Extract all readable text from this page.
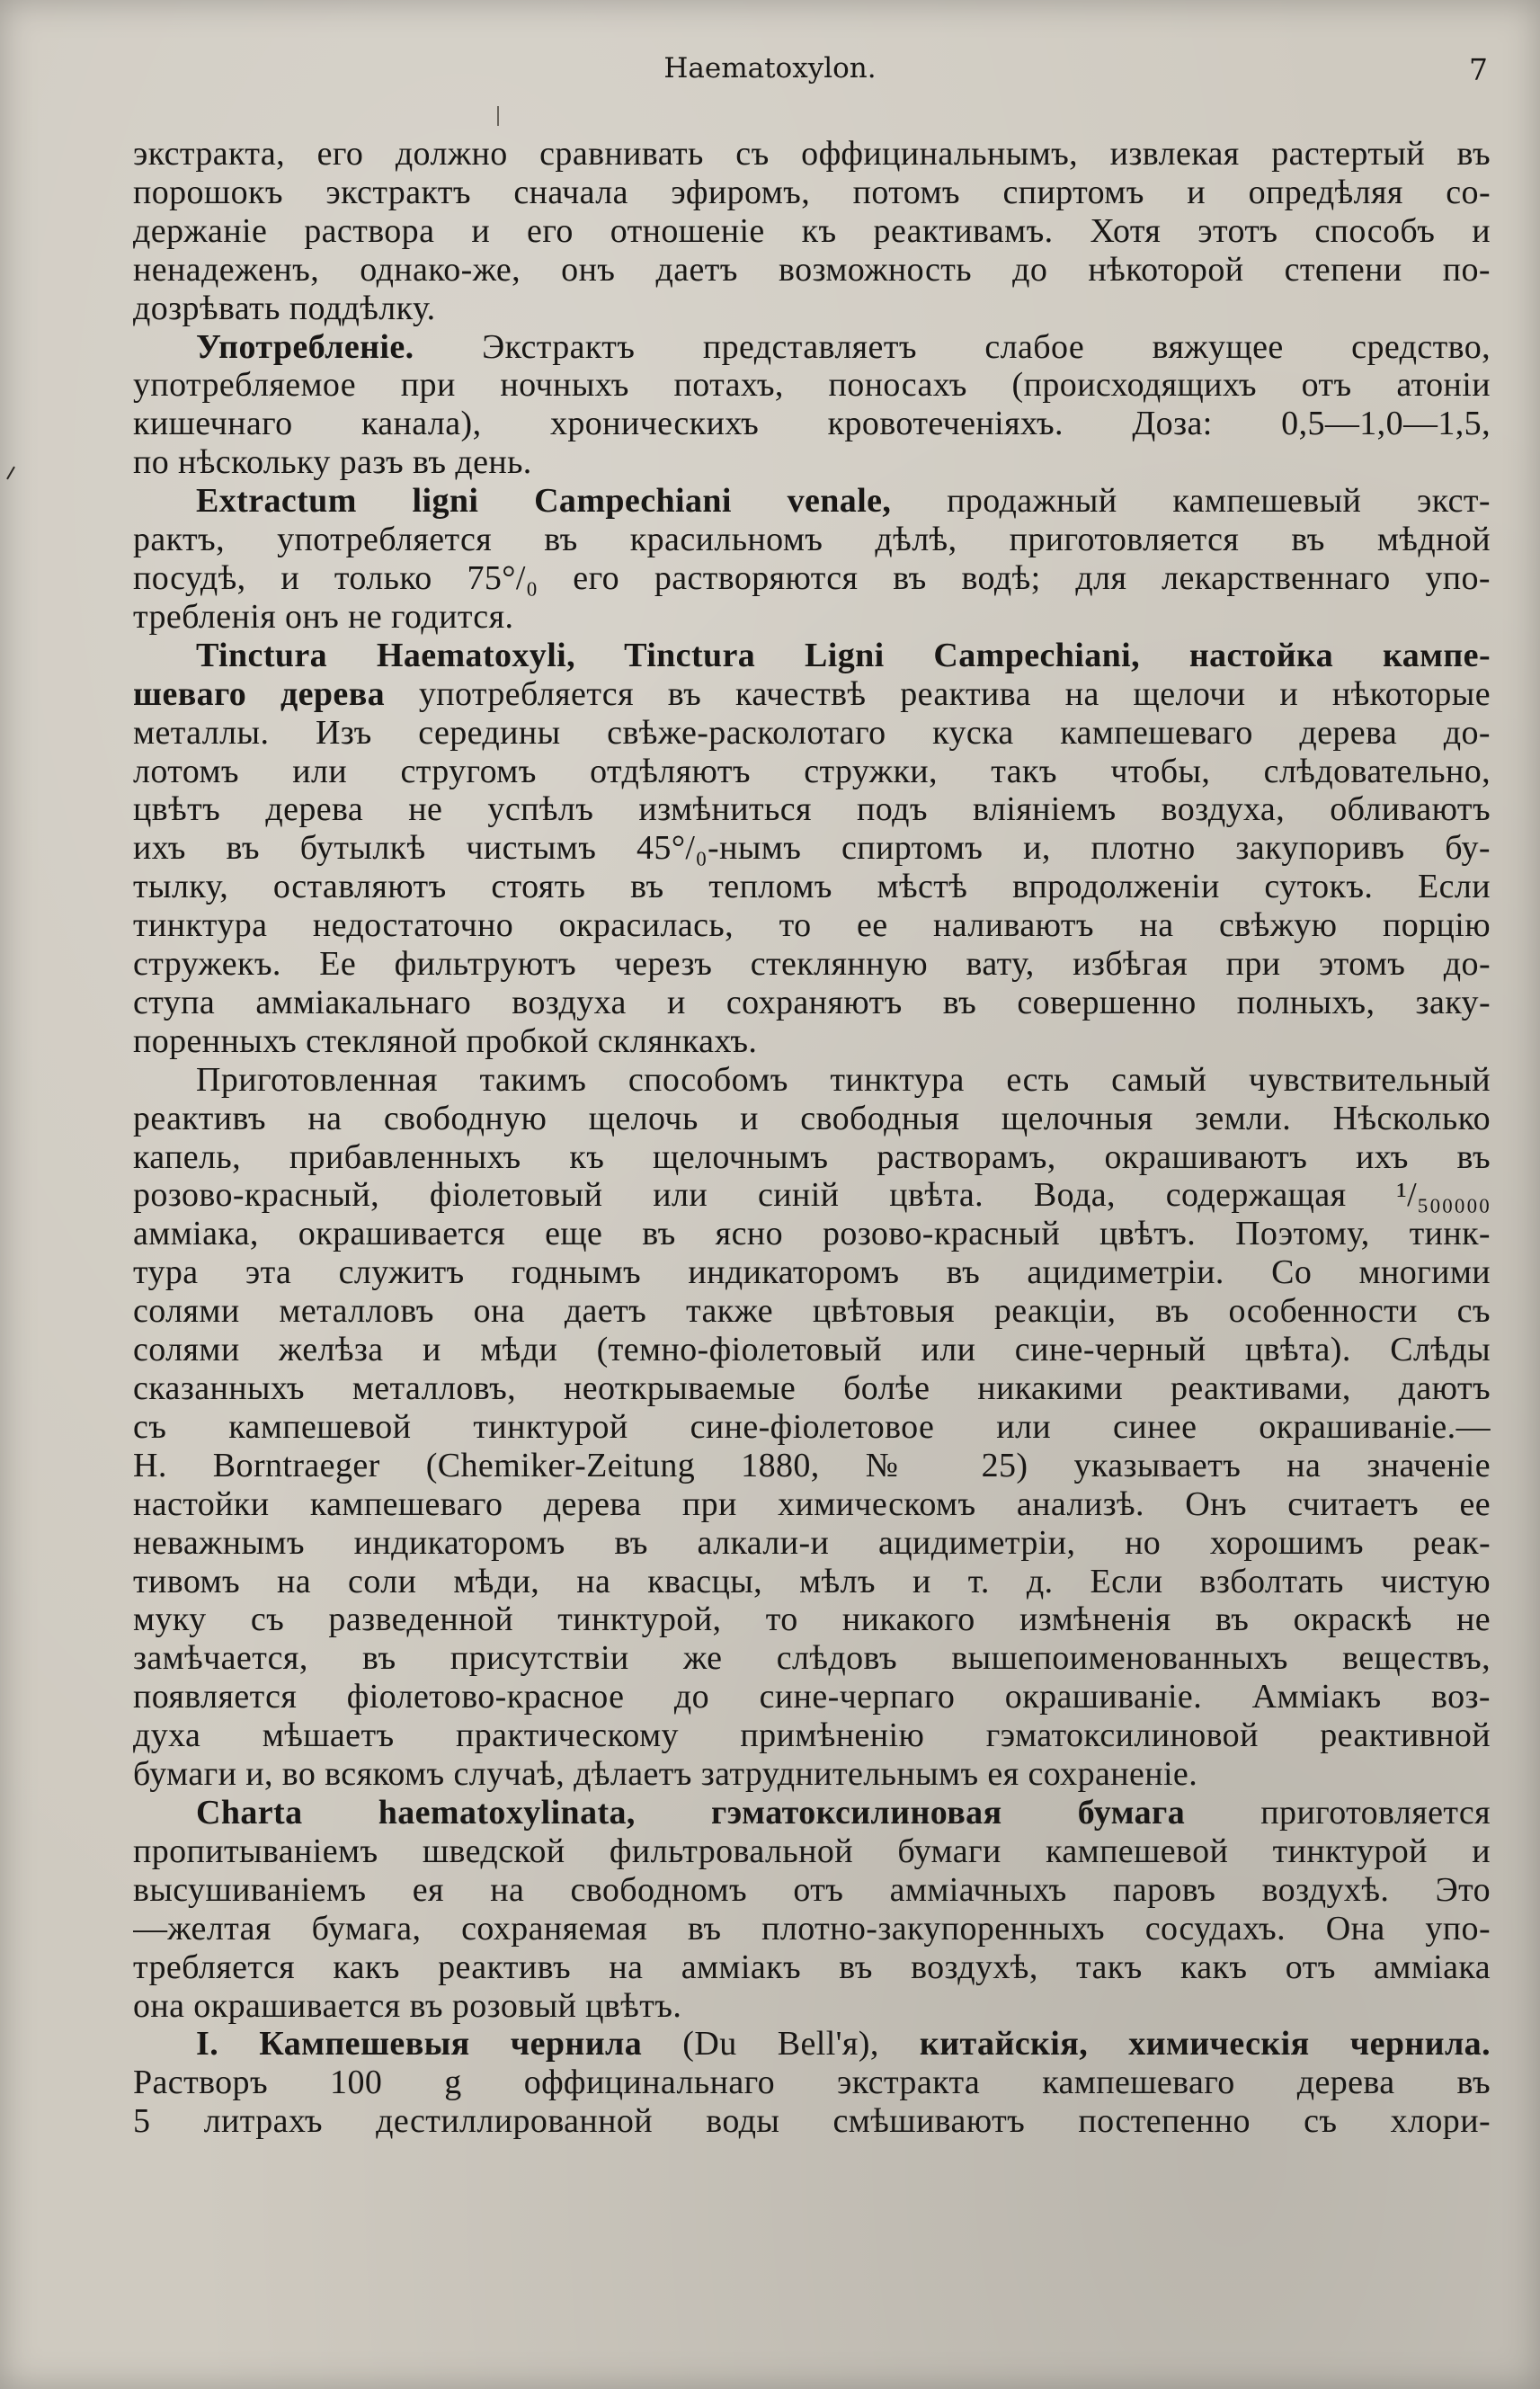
Haematoxylon.	7
экстракта, его должно сравнивать съ оффицинальнымъ, извлекая растертый въ
порошокъ экстрактъ сначала эфиромъ, потомъ спиртомъ и опредѣляя со-
держаніе раствора и его отношеніе къ реактивамъ. Хотя этотъ способъ и
ненадеженъ, однако-же, онъ даетъ возможность до нѣкоторой степени по-
дозрѣвать поддѣлку.
Употребленіе. Экстрактъ представляетъ слабое вяжущее средство,
употребляемое при ночныхъ потахъ, поносахъ (происходящихъ отъ атоніи
кишечнаго канала), хроническихъ кровотеченіяхъ. Доза: 0,5—1,0—1,5,
по нѣскольку разъ въ день.
Extractum ligni Campechiani venale, продажный кампешевый экст-
рактъ, употребляется въ красильномъ дѣлѣ, приготовляется въ мѣдной
посудѣ, и только 75°/₀ его растворяются въ водѣ; для лекарственнаго упо-
требленія онъ не годится.
Tinctura Haematoxyli, Tinctura Ligni Campechiani, настойка кампе-
шеваго дерева употребляется въ качествѣ реактива на щелочи и нѣкоторые
металлы. Изъ середины свѣже-расколотаго куска кампешеваго дерева до-
лотомъ или стругомъ отдѣляютъ стружки, такъ чтобы, слѣдовательно,
цвѣтъ дерева не успѣлъ измѣниться подъ вліяніемъ воздуха, обливаютъ
ихъ въ бутылкѣ чистымъ 45°/₀-нымъ спиртомъ и, плотно закупоривъ бу-
тылку, оставляютъ стоять въ тепломъ мѣстѣ впродолженіи сутокъ. Если
тинктура недостаточно окрасилась, то ее наливаютъ на свѣжую порцію
стружекъ. Ее фильтруютъ черезъ стеклянную вату, избѣгая при этомъ до-
ступа аммiакальнаго воздуха и сохраняютъ въ совершенно полныхъ, заку-
поренныхъ стекляной пробкой склянкахъ.
Приготовленная такимъ способомъ тинктура есть самый чувствительный
реактивъ на свободную щелочь и свободныя щелочныя земли. Нѣсколько
капель, прибавленныхъ къ щелочнымъ растворамъ, окрашиваютъ ихъ въ
розово-красный, фіолетовый или синій цвѣта. Вода, содержащая ¹/₅₀₀₀₀₀
аммiака, окрашивается еще въ ясно розово-красный цвѣтъ. Поэтому, тинк-
тура эта служитъ годнымъ индикаторомъ въ ацидиметріи. Со многими
солями металловъ она даетъ также цвѣтовыя реакціи, въ особенности съ
солями желѣза и мѣди (темно-фіолетовый или сине-черный цвѣта). Слѣды
сказанныхъ металловъ, неоткрываемые болѣе никакими реактивами, даютъ
съ кампешевой тинктурой сине-фіолетовое или синее окрашиваніе.—
H. Borntraeger (Chemiker-Zeitung 1880, № 25) указываетъ на значеніе
настойки кампешеваго дерева при химическомъ анализѣ. Онъ считаетъ ее
неважнымъ индикаторомъ въ алкали-и ацидиметріи, но хорошимъ реак-
тивомъ на соли мѣди, на квасцы, мѣлъ и т. д. Если взболтать чистую
муку съ разведенной тинктурой, то никакого измѣненія въ окраскѣ не
замѣчается, въ присутствіи же слѣдовъ вышепоименованныхъ веществъ,
появляется фіолетово-красное до сине-черпаго окрашиваніе. Аммiакъ воз-
духа мѣшаетъ практическому примѣненію гэматоксилиновой реактивной
бумаги и, во всякомъ случаѣ, дѣлаетъ затруднительнымъ ея сохраненіе.
Charta haematoxylinata, гэматоксилиновая бумага приготовляется
пропитываніемъ шведской фильтровальной бумаги кампешевой тинктурой и
высушиваніемъ ея на свободномъ отъ аммiачныхъ паровъ воздухѣ. Это
—желтая бумага, сохраняемая въ плотно-закупоренныхъ сосудахъ. Она упо-
требляется какъ реактивъ на аммiакъ въ воздухѣ, такъ какъ отъ аммiака
она окрашивается въ розовый цвѣтъ.
I. Кампешевыя чернила (Du Bell'я), китайскія, химическія чернила.
Растворъ 100 g оффицинальнаго экстракта кампешеваго дерева въ
5 литрахъ дестиллированной воды смѣшиваютъ постепенно съ хлори-
